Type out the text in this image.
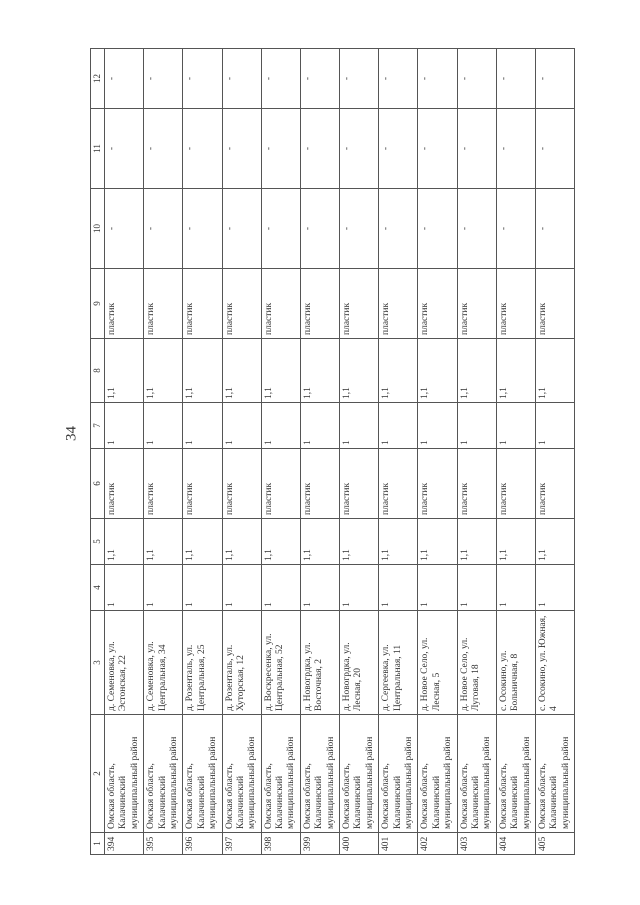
34
1	2	3	4	5	6	7	8	9	10	11	12
394	Омская область, Калачинский муниципальный район	д. Семеновка, ул. Эстонская, 22	1	1,1	пластик	1	1,1	пластик	-	-	-
395	Омская область, Калачинский муниципальный район	д. Семеновка, ул. Центральная, 34	1	1,1	пластик	1	1,1	пластик	-	-	-
396	Омская область, Калачинский муниципальный район	д. Розенталь, ул. Центральная, 25	1	1,1	пластик	1	1,1	пластик	-	-	-
397	Омская область, Калачинский муниципальный район	д. Розенталь, ул. Хуторская, 12	1	1,1	пластик	1	1,1	пластик	-	-	-
398	Омская область, Калачинский муниципальный район	д. Воскресенка, ул. Центральная, 52	1	1,1	пластик	1	1,1	пластик	-	-	-
399	Омская область, Калачинский муниципальный район	д. Новогрдка, ул. Восточная, 2	1	1,1	пластик	1	1,1	пластик	-	-	-
400	Омская область, Калачинский муниципальный район	д. Новогрдка, ул. Лесная, 20	1	1,1	пластик	1	1,1	пластик	-	-	-
401	Омская область, Калачинский муниципальный район	д. Сергеевка, ул. Центральная, 11	1	1,1	пластик	1	1,1	пластик	-	-	-
402	Омская область, Калачинский муниципальный район	д. Новое Село, ул. Лесная, 5	1	1,1	пластик	1	1,1	пластик	-	-	-
403	Омская область, Калачинский муниципальный район	д. Новое Село, ул. Луговая, 18	1	1,1	пластик	1	1,1	пластик	-	-	-
404	Омская область, Калачинский муниципальный район	с. Осокино, ул. Больничная, 8	1	1,1	пластик	1	1,1	пластик	-	-	-
405	Омская область, Калачинский муниципальный район	с. Осокино, ул. Южная, 4	1	1,1	пластик	1	1,1	пластик	-	-	-
